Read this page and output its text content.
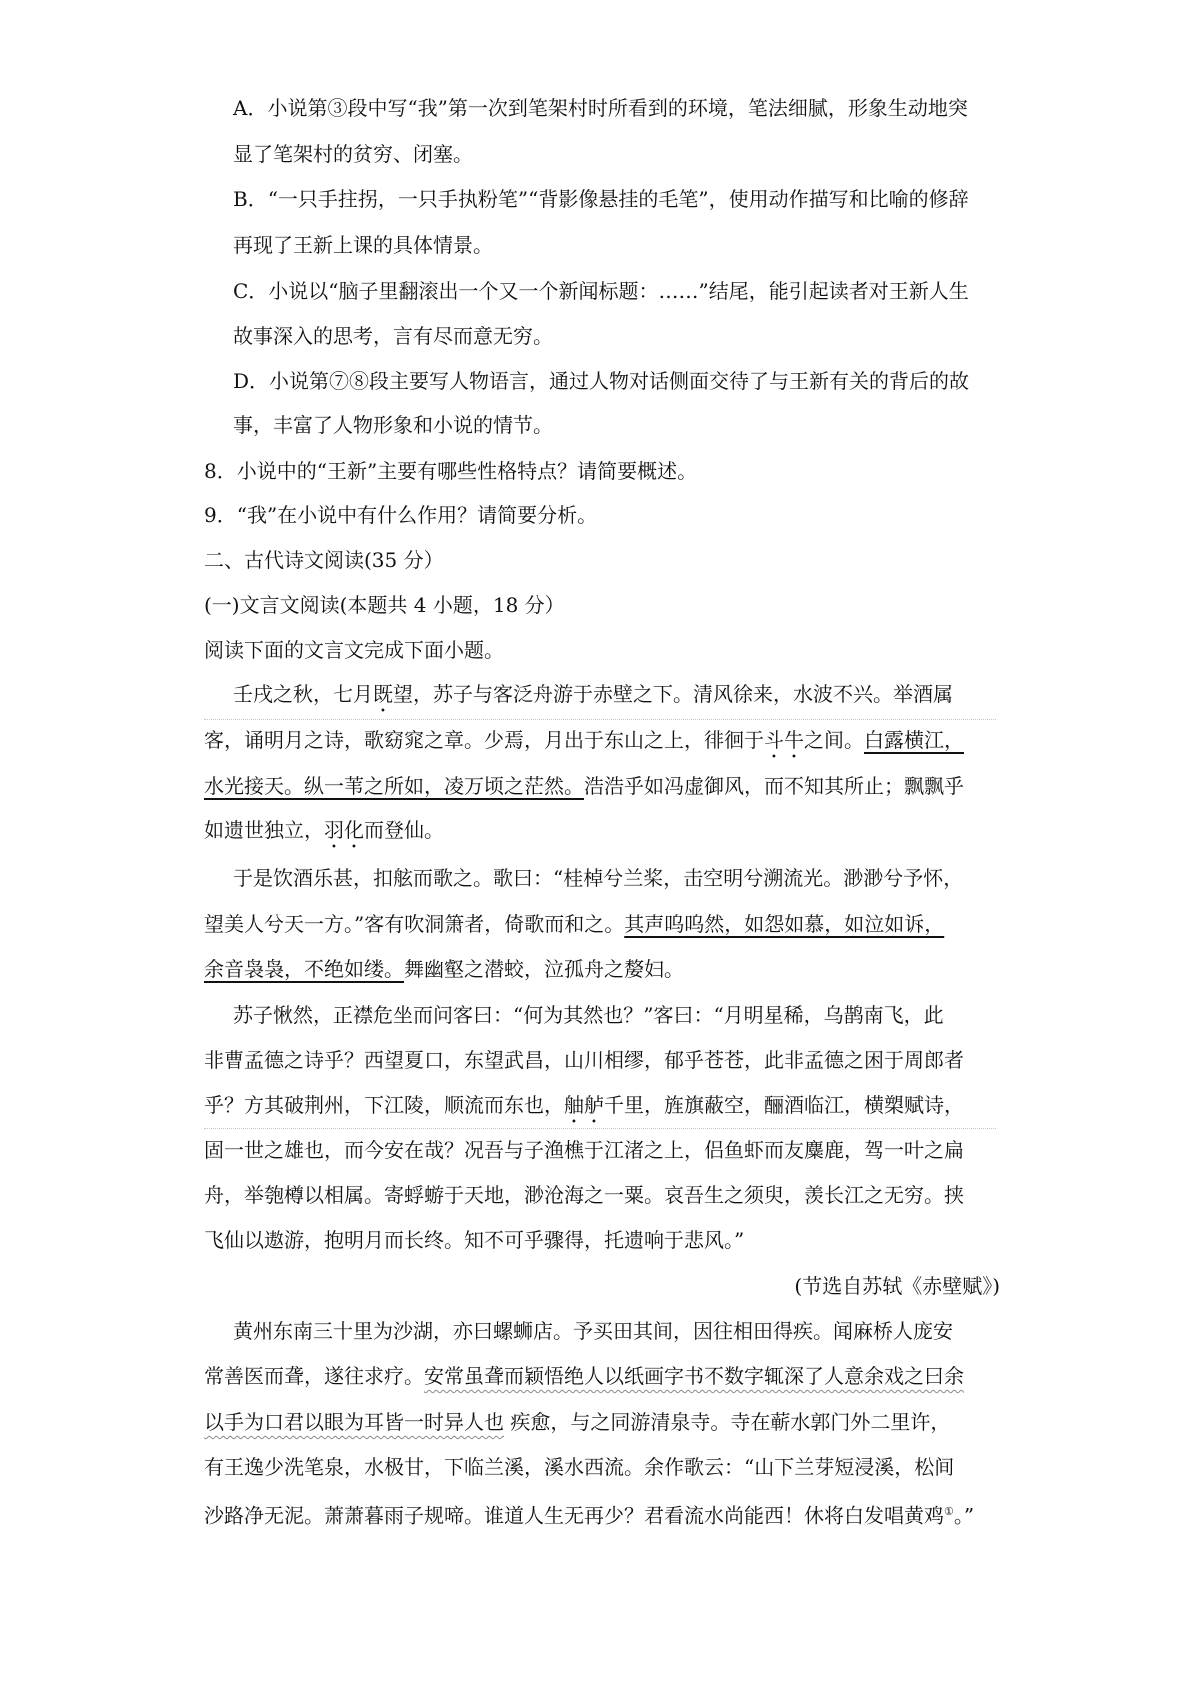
A．小说第③段中写“我”第一次到笔架村时所看到的环境，笔法细腻，形象生动地突
显了笔架村的贫穷、闭塞。
B．“一只手拄拐，一只手执粉笔”“背影像悬挂的毛笔”，使用动作描写和比喻的修辞
再现了王新上课的具体情景。
C．小说以“脑子里翻滚出一个又一个新闻标题：……”结尾，能引起读者对王新人生
故事深入的思考，言有尽而意无穷。
D．小说第⑦⑧段主要写人物语言，通过人物对话侧面交待了与王新有关的背后的故
事，丰富了人物形象和小说的情节。
8．小说中的“王新”主要有哪些性格特点？请简要概述。
9．“我”在小说中有什么作用？请简要分析。
二、古代诗文阅读(35 分）
(一)文言文阅读(本题共 4 小题，18 分）
阅读下面的文言文完成下面小题。
壬戌之秋，七月既望，苏子与客泛舟游于赤壁之下。清风徐来，水波不兴。举酒属
客，诵明月之诗，歌窈窕之章。少焉，月出于东山之上，徘徊于斗牛之间。白露横江，
水光接天。纵一苇之所如，凌万顷之茫然。浩浩乎如冯虚御风，而不知其所止；飘飘乎
如遗世独立，羽化而登仙。
于是饮酒乐甚，扣舷而歌之。歌曰：“桂棹兮兰桨，击空明兮溯流光。渺渺兮予怀，
望美人兮天一方。”客有吹洞箫者，倚歌而和之。其声呜呜然，如怨如慕，如泣如诉，
余音袅袅，不绝如缕。舞幽壑之潜蛟，泣孤舟之嫠妇。
苏子愀然，正襟危坐而问客曰：“何为其然也？”客曰：“月明星稀，乌鹊南飞，此
非曹孟德之诗乎？西望夏口，东望武昌，山川相缪，郁乎苍苍，此非孟德之困于周郎者
乎？方其破荆州，下江陵，顺流而东也，舳舻千里，旌旗蔽空，酾酒临江，横槊赋诗，
固一世之雄也，而今安在哉？况吾与子渔樵于江渚之上，侣鱼虾而友麋鹿，驾一叶之扁
舟，举匏樽以相属。寄蜉蝣于天地，渺沧海之一粟。哀吾生之须臾，羡长江之无穷。挟
飞仙以遨游，抱明月而长终。知不可乎骤得，托遗响于悲风。”
(节选自苏轼《赤壁赋》)
黄州东南三十里为沙湖，亦曰螺蛳店。予买田其间，因往相田得疾。闻麻桥人庞安
常善医而聋，遂往求疗。安常虽聋而颖悟绝人以纸画字书不数字辄深了人意余戏之曰余
以手为口君以眼为耳皆一时异人也 疾愈，与之同游清泉寺。寺在蕲水郭门外二里许，
有王逸少洗笔泉，水极甘，下临兰溪，溪水西流。余作歌云：“山下兰芽短浸溪，松间
沙路净无泥。萧萧暮雨子规啼。谁道人生无再少？君看流水尚能西！休将白发唱黄鸡①。”
